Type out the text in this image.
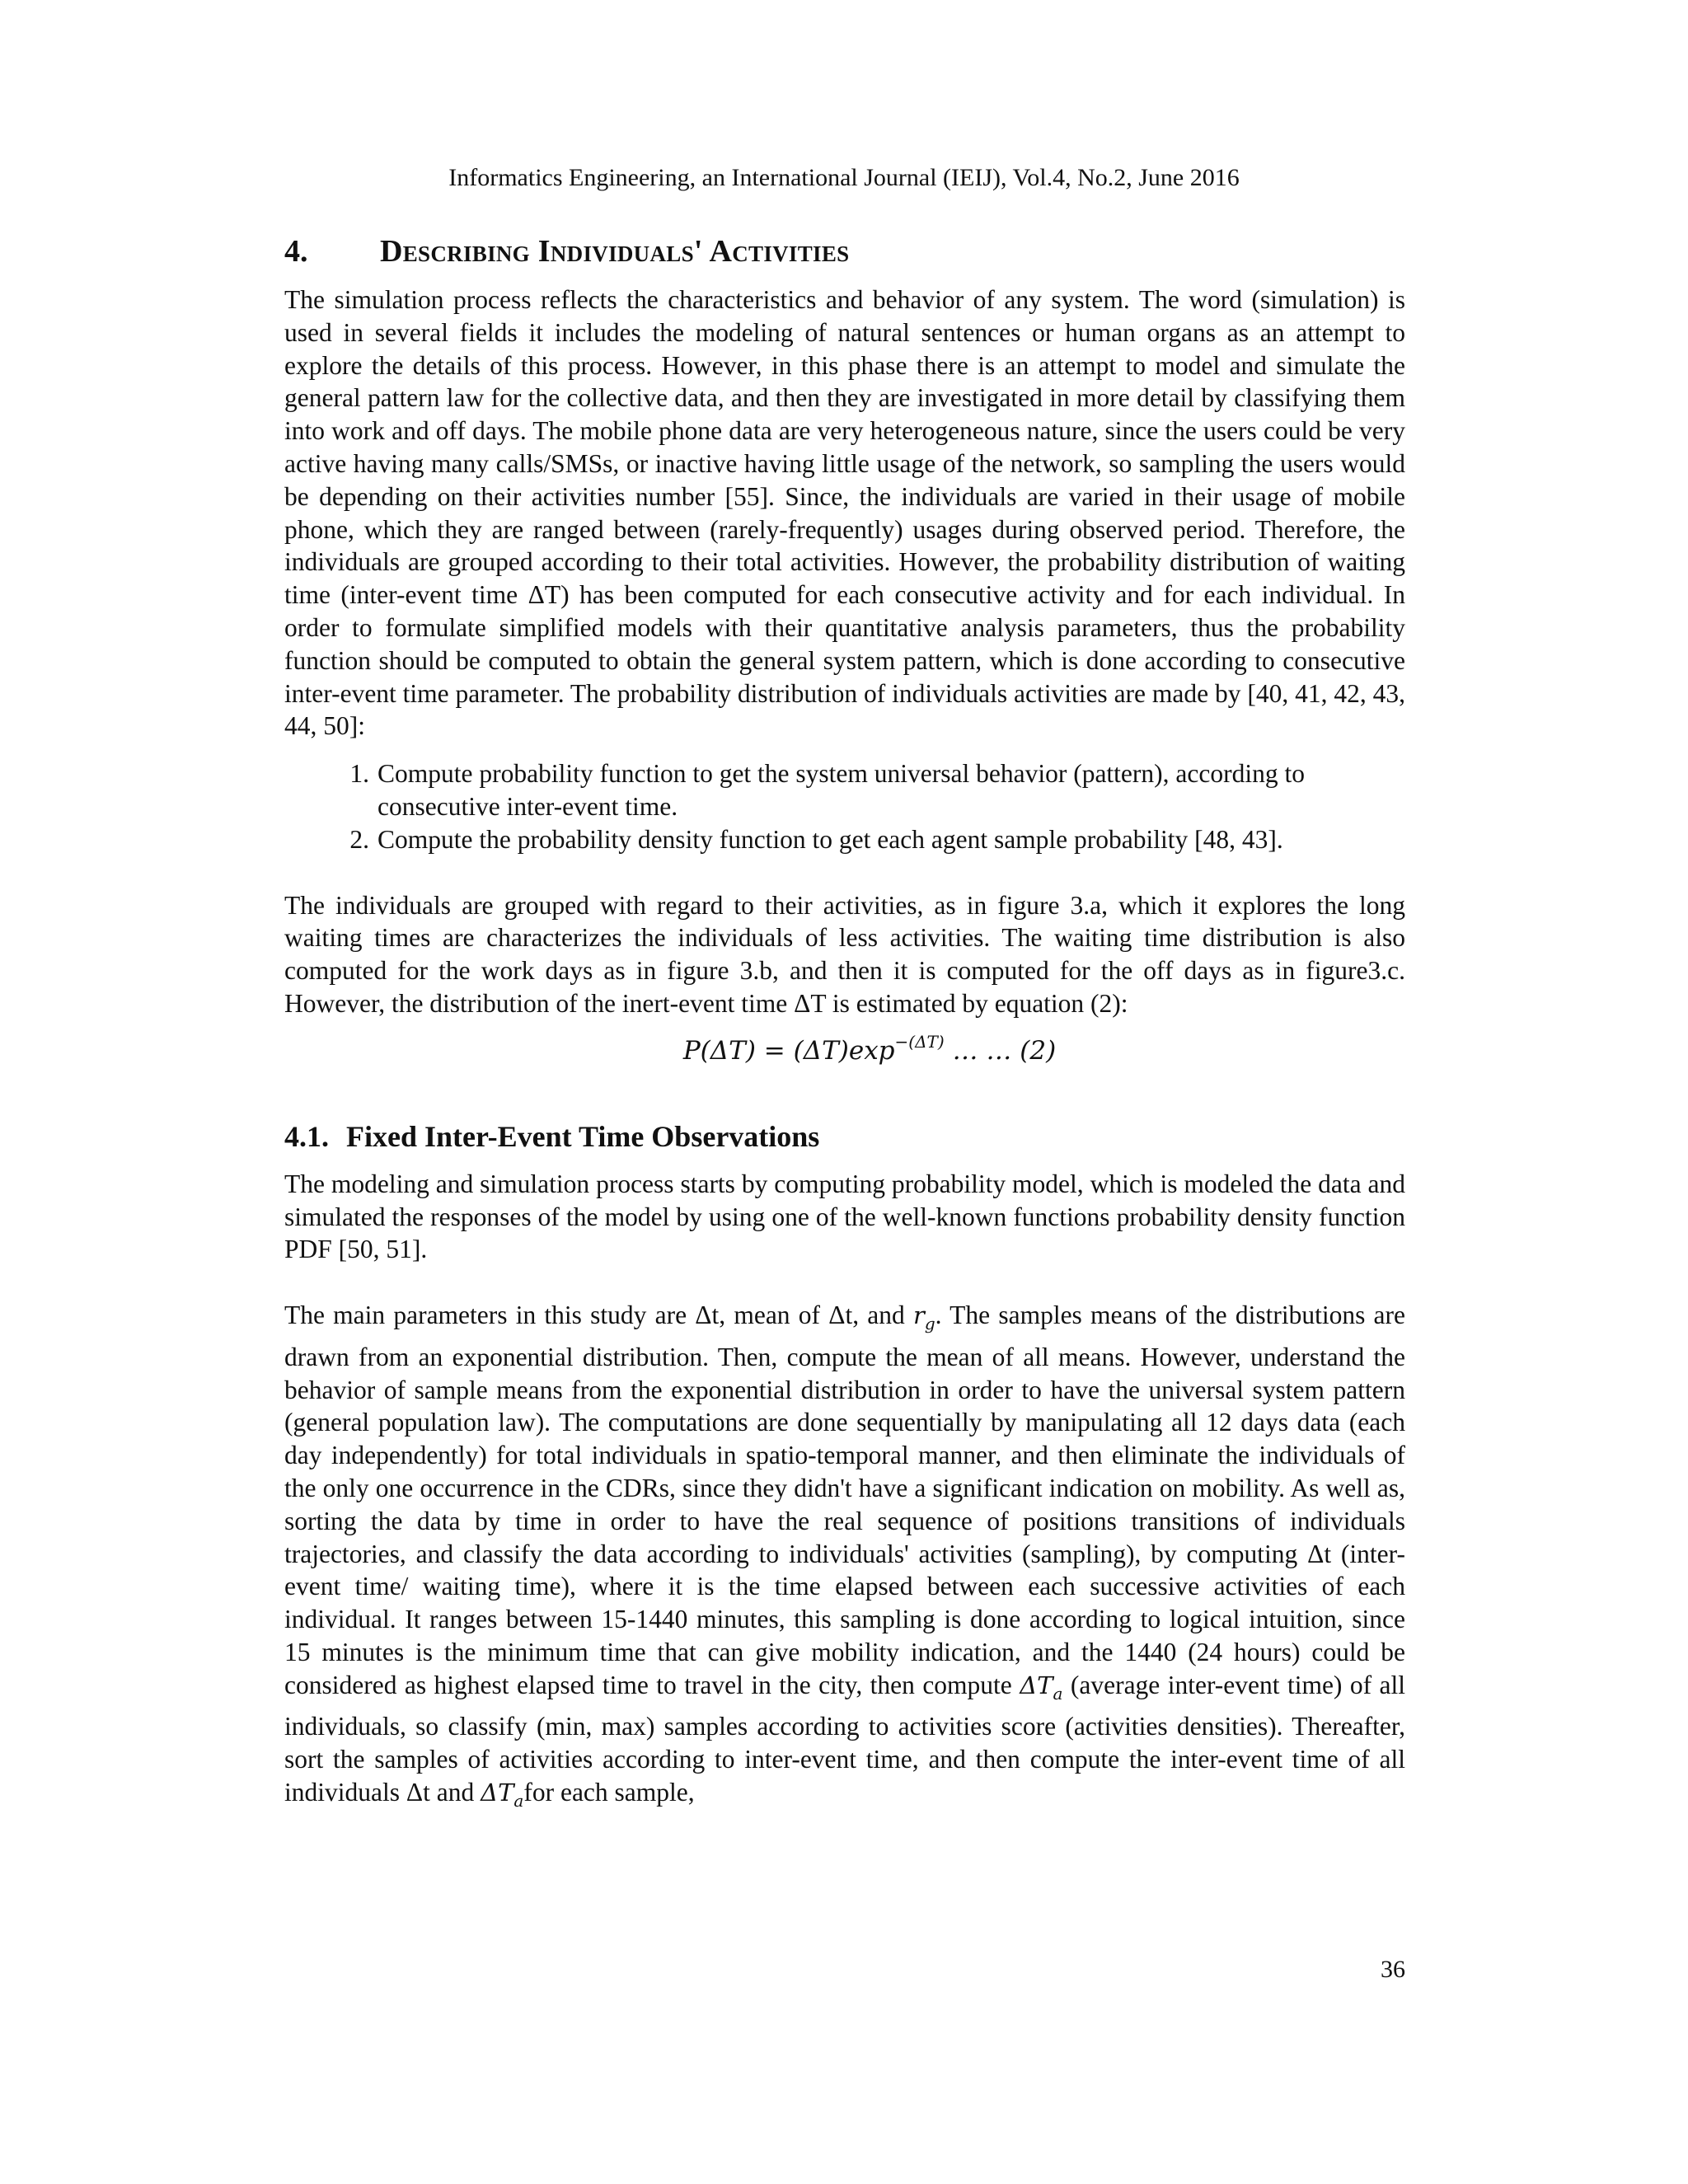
Informatics Engineering, an International Journal (IEIJ), Vol.4, No.2, June 2016
4.	Describing Individuals' Activities

The simulation process reflects the characteristics and behavior of any system. The word (simulation) is used in several fields it includes the modeling of natural sentences or human organs as an attempt to explore the details of this process. However, in this phase there is an attempt to model and simulate the general pattern law for the collective data, and then they are investigated in more detail by classifying them into work and off days. The mobile phone data are very heterogeneous nature, since the users could be very active having many calls/SMSs, or inactive having little usage of the network, so sampling the users would be depending on their activities number [55]. Since, the individuals are varied in their usage of mobile phone, which they are ranged between (rarely-frequently) usages during observed period. Therefore, the individuals are grouped according to their total activities. However, the probability distribution of waiting time (inter-event time ΔT) has been computed for each consecutive activity and for each individual. In order to formulate simplified models with their quantitative analysis parameters, thus the probability function should be computed to obtain the general system pattern, which is done according to consecutive inter-event time parameter. The probability distribution of individuals activities are made by [40, 41, 42, 43, 44, 50]:

1. Compute probability function to get the system universal behavior (pattern), according to consecutive inter-event time.
2. Compute the probability density function to get each agent sample probability [48, 43].

The individuals are grouped with regard to their activities, as in figure 3.a, which it explores the long waiting times are characterizes the individuals of less activities. The waiting time distribution is also computed for the work days as in figure 3.b, and then it is computed for the off days as in figure3.c. However, the distribution of the inert-event time ΔT is estimated by equation (2):

$P(\Delta T) = (\Delta T)\exp^{-(\Delta T)}$ … … (2)
4.1. Fixed Inter-Event Time Observations

The modeling and simulation process starts by computing probability model, which is modeled the data and simulated the responses of the model by using one of the well-known functions probability density function PDF [50, 51].

The main parameters in this study are Δt, mean of Δt, and $r_g$. The samples means of the distributions are drawn from an exponential distribution. Then, compute the mean of all means. However, understand the behavior of sample means from the exponential distribution in order to have the universal system pattern (general population law). The computations are done sequentially by manipulating all 12 days data (each day independently) for total individuals in spatio-temporal manner, and then eliminate the individuals of the only one occurrence in the CDRs, since they didn't have a significant indication on mobility. As well as, sorting the data by time in order to have the real sequence of positions transitions of individuals trajectories, and classify the data according to individuals' activities (sampling), by computing Δt (inter-event time/ waiting time), where it is the time elapsed between each successive activities of each individual. It ranges between 15-1440 minutes, this sampling is done according to logical intuition, since 15 minutes is the minimum time that can give mobility indication, and the 1440 (24 hours) could be considered as highest elapsed time to travel in the city, then compute $\Delta T_a$ (average inter-event time) of all individuals, so classify (min, max) samples according to activities score (activities densities). Thereafter, sort the samples of activities according to inter-event time, and then compute the inter-event time of all individuals Δt and $\Delta T_afor$ each sample,

36
